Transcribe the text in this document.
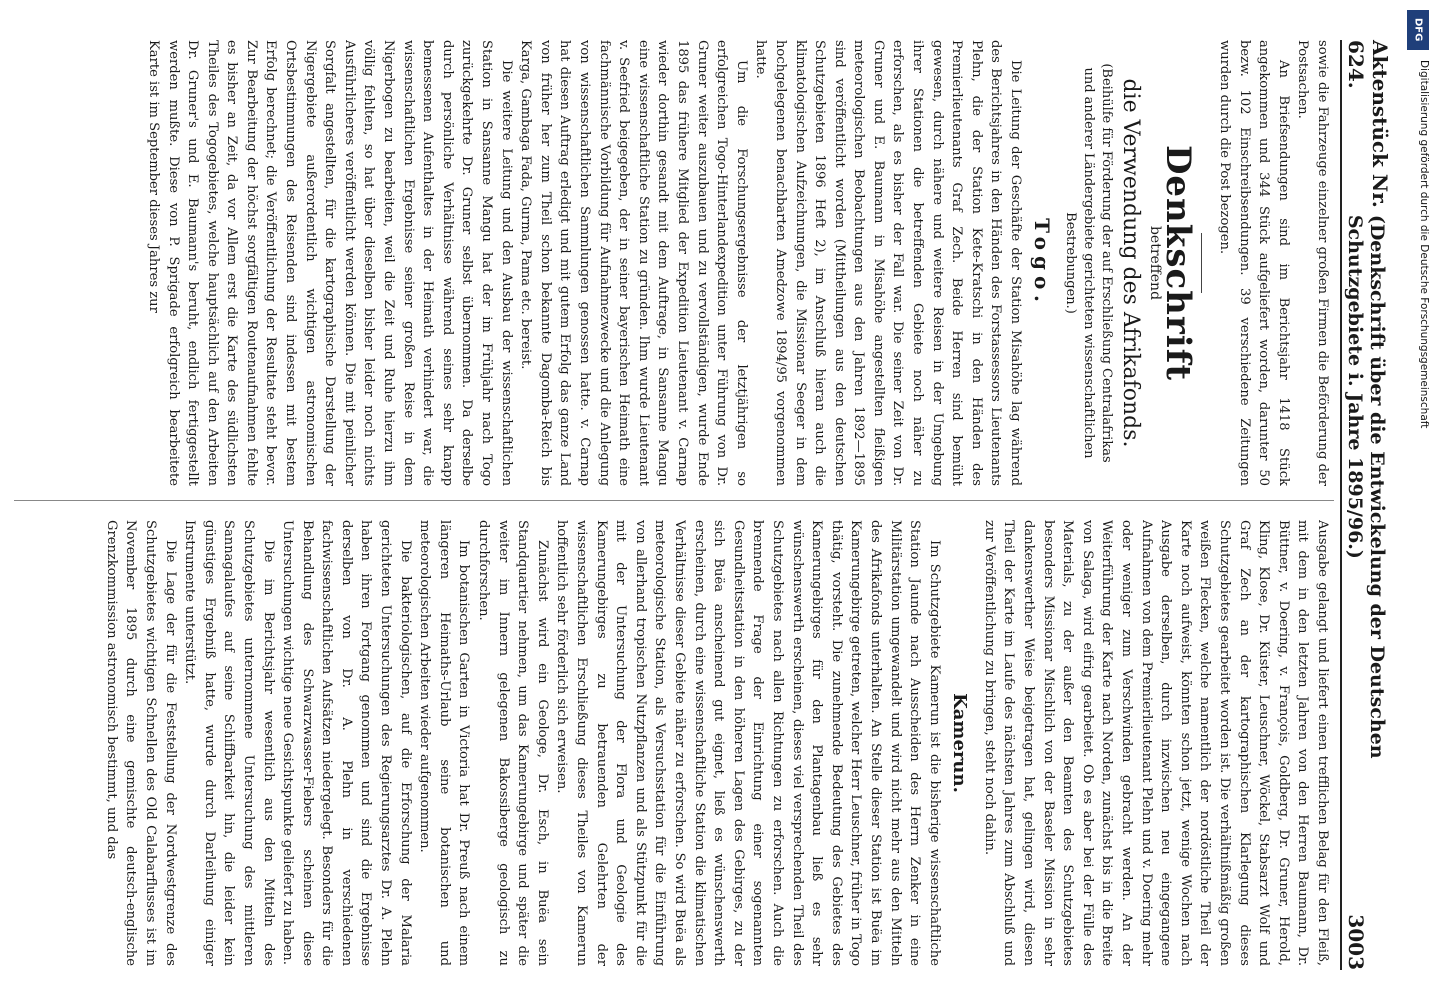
Aktenstück Nr. 624.
(Denkschrift über die Entwickelung der Deutschen Schutzgebiete i. Jahre 1895/96.)
3003

sowie die Fahrzeuge einzelner großen Firmen die Beförderung der Postsachen.

An Briefsendungen sind im Berichtsjahr 1418 Stück angekommen und 344 Stück aufgeliefert worden, darunter 50 bezw. 102 Einschreibsendungen. 39 verschiedene Zeitungen wurden durch die Post bezogen.

Denkschrift
betreffend
die Verwendung des Afrikafonds.
(Beihülfe für Förderung der auf Erschließung Centralafrikas und anderer Ländergebiete gerichteten wissenschaftlichen Bestrebungen.)
Togo.

Die Leitung der Geschäfte der Station Misahöhe lag während des Berichtsjahres in den Händen des Forstassessors Lieutenants Plehn, die der Station Kete-Kratschi in den Händen des Premierlieutenants Graf Zech. Beide Herren sind bemüht gewesen, durch nähere und weitere Reisen in der Umgebung ihrer Stationen die betreffenden Gebiete noch näher zu erforschen, als es bisher der Fall war. Die seiner Zeit von Dr. Gruner und E. Baumann in Misahöhe angestellten fleißigen meteorologischen Beobachtungen aus den Jahren 1892—1895 sind veröffentlicht worden (Mittheilungen aus den deutschen Schutzgebieten 1896 Heft 2), im Anschluß hieran auch die klimatologischen Aufzeichnungen, die Missionar Seeger in dem hochgelegenen benachbarten Amedzowe 1894/95 vorgenommen hatte.

Um die Forschungsergebnisse der letztjährigen so erfolgreichen Togo-Hinterlandexpedition unter Führung von Dr. Gruner weiter auszubauen und zu vervollständigen, wurde Ende 1895 das frühere Mitglied der Expedition Lieutenant v. Carnap wieder dorthin gesandt mit dem Auftrage, in Sansanne Mangu eine wissenschaftliche Station zu gründen. Ihm wurde Lieutenant v. Seefried beigegeben, der in seiner bayerischen Heimath eine fachmännische Vorbildung für Aufnahmezwecke und die Anlegung von wissenschaftlichen Sammlungen genossen hatte. v. Carnap hat diesen Auftrag erledigt und mit gutem Erfolg das ganze Land von früher her zum Theil schon bekannte Dagomba-Reich bis Karga, Gambaga Fada, Gurma, Pama etc. bereist.

Die weitere Leitung und den Ausbau der wissenschaftlichen Station in Sansanne Mangu hat der im Frühjahr nach Togo zurückgekehrte Dr. Gruner selbst übernommen. Da derselbe durch persönliche Verhältnisse während seines sehr knapp bemessenen Aufenthaltes in der Heimath verhindert war, die wissenschaftlichen Ergebnisse seiner großen Reise in dem Nigerbogen zu bearbeiten, weil die Zeit und Ruhe hierzu ihm völlig fehlten, so hat über dieselben bisher leider noch nichts Ausführlicheres veröffentlicht werden können. Die mit peinlicher Sorgfalt angestellten, für die kartographische Darstellung der Nigergebiete außerordentlich wichtigen astronomischen Ortsbestimmungen des Reisenden sind indessen mit bestem Erfolg berechnet; die Veröffentlichung der Resultate steht bevor. Zur Bearbeitung der höchst sorgfältigen Routenaufnahmen fehlte es bisher an Zeit, da vor Allem erst die Karte des südlichsten Theiles des Togogebietes, welche hauptsächlich auf den Arbeiten Dr. Gruner's und E. Baumann's beruht, endlich fertiggestellt werden mußte. Diese von P. Sprigade erfolgreich bearbeitete Karte ist im September dieses Jahres zur

Ausgabe gelangt und liefert einen trefflichen Belag für den Fleiß, mit dem in den letzten Jahren von den Herren Baumann, Dr. Büttner, v. Doering, v. François, Goldberg, Dr. Gruner, Herold, Kling, Klose, Dr. Küster, Leuschner, Wöckel, Stabsarzt Wolf und Graf Zech an der kartographischen Klarlegung dieses Schutzgebietes gearbeitet worden ist. Die verhältnißmäßig großen weißen Flecken, welche namentlich der nordöstliche Theil der Karte noch aufweist, könnten schon jetzt, wenige Wochen nach Ausgabe derselben, durch inzwischen neu eingegangene Aufnahmen von dem Premierlieutenant Plehn und v. Doering mehr oder weniger zum Verschwinden gebracht werden. An der Weiterführung der Karte nach Norden, zunächst bis in die Breite von Salaga, wird eifrig gearbeitet. Ob es aber bei der Fülle des Materials, zu der außer den Beamten des Schutzgebietes besonders Missionar Mischlich von der Baseler Mission in sehr dankenswerther Weise beigetragen hat, gelingen wird, diesen Theil der Karte im Laufe des nächsten Jahres zum Abschluß und zur Veröffentlichung zu bringen, steht noch dahin.

Kamerun.

Im Schutzgebiete Kamerun ist die bisherige wissenschaftliche Station Jaunde nach Ausscheiden des Herrn Zenker in eine Militärstation umgewandelt und wird nicht mehr aus den Mitteln des Afrikafonds unterhalten. An Stelle dieser Station ist Buëa im Kamerungebirge getreten, welcher Herr Leuschner, früher in Togo thätig, vorsteht. Die zunehmende Bedeutung des Gebietes des Kamerungebirges für den Plantagenbau ließ es sehr wünschenswerth erscheinen, dieses viel versprechenden Theil des Schutzgebietes nach allen Richtungen zu erforschen. Auch die brennende Frage der Einrichtung einer sogenannten Gesundheitsstation in den höheren Lagen des Gebirges, zu der sich Buëa anscheinend gut eignet, ließ es wünschenswerth erscheinen, durch eine wissenschaftliche Station die klimatischen Verhältnisse dieser Gebiete näher zu erforschen. So wird Buëa als meteorologische Station, als Versuchsstation für die Einführung von allerhand tropischen Nutzpflanzen und als Stützpunkt für die mit der Untersuchung der Flora und Geologie des Kamerungebirges zu betrauenden Gelehrten der wissenschaftlichen Erschließung dieses Theiles von Kamerun hoffentlich sehr förderlich sich erweisen.

Zunächst wird ein Geologe, Dr. Esch, in Buëa sein Standquartier nehmen, um das Kamerungebirge und später die weiter im Innern gelegenen Bakossiberge geologisch zu durchforschen.

Im botanischen Garten in Victoria hat Dr. Preuß nach einem längeren Heimaths-Urlaub seine botanischen und meteorologischen Arbeiten wieder aufgenommen.

Die bakteriologischen, auf die Erforschung der Malaria gerichteten Untersuchungen des Regierungsarztes Dr. A. Plehn haben ihren Fortgang genommen und sind die Ergebnisse derselben von Dr. A. Plehn in verschiedenen fachwissenschaftlichen Aufsätzen niedergelegt. Besonders für die Behandlung des Schwarzwasser-Fiebers scheinen diese Untersuchungen wichtige neue Gesichtspunkte geliefert zu haben.

Die im Berichtsjahr wesentlich aus den Mitteln des Schutzgebietes unternommene Untersuchung des mittleren Sannagalaufes auf seine Schiffbarkeit hin, die leider kein günstiges Ergebniß hatte, wurde durch Darleihung einiger Instrumente unterstützt.

Die Lage der für die Feststellung der Nordwestgrenze des Schutzgebietes wichtigen Schnellen des Old Calabarflusses ist im November 1895 durch eine gemischte deutsch-englische Grenzkommission astronomisch bestimmt, und das

DFG
Digitalisierung gefördert durch die Deutsche Forschungsgemeinschaft
